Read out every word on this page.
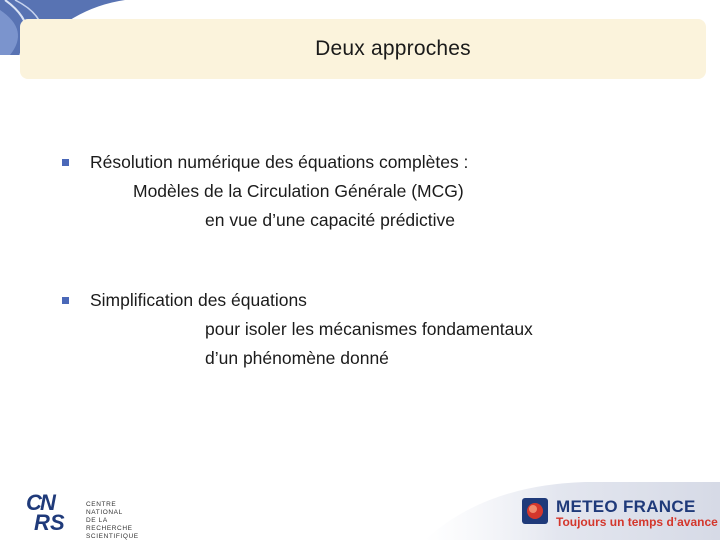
Deux approches
Résolution numérique des équations complètes :
Modèles de la Circulation Générale (MCG)
en vue d’une capacité prédictive
Simplification des équations
pour isoler les mécanismes fondamentaux
d’un phénomène donné
C
N
R S
CENTRE NATIONAL
DE LA RECHERCHE
SCIENTIFIQUE
METEO FRANCE
Toujours un temps d’avance
